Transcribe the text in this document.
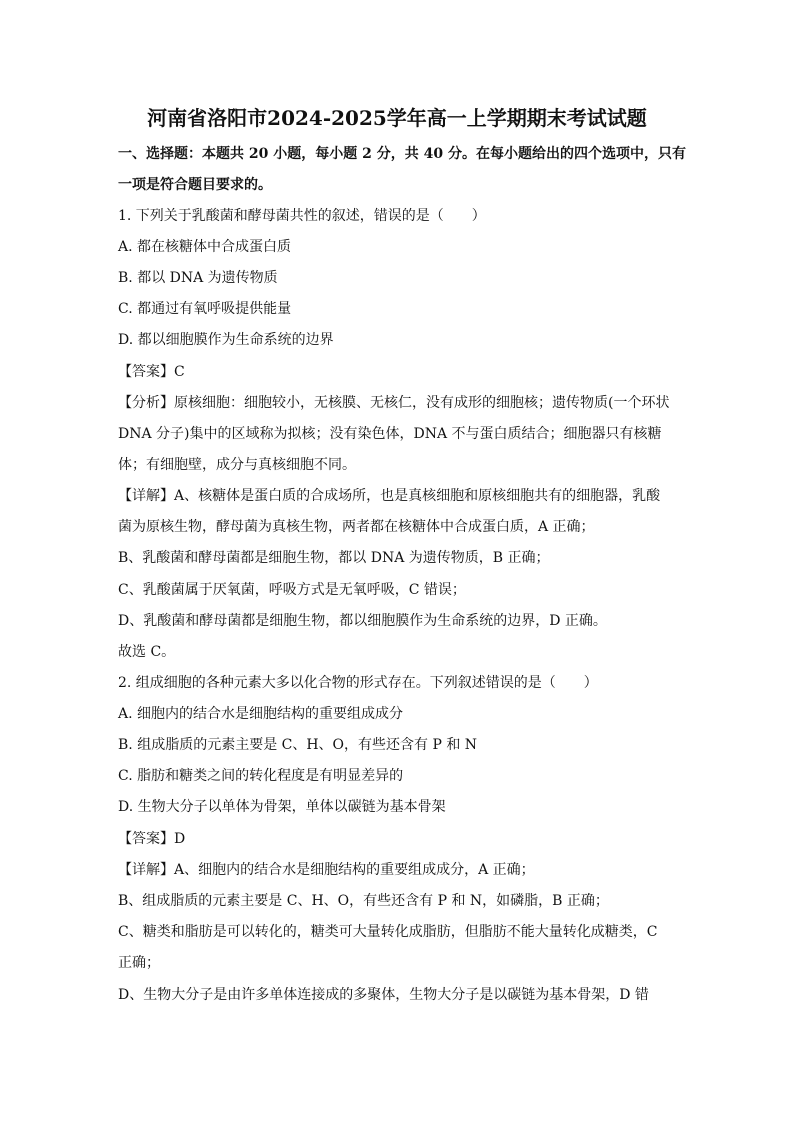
河南省洛阳市2024-2025学年高一上学期期末考试试题
一、选择题：本题共 20 小题，每小题 2 分，共 40 分。在每小题给出的四个选项中，只有
一项是符合题目要求的。
1. 下列关于乳酸菌和酵母菌共性的叙述，错误的是（　　）
A. 都在核糖体中合成蛋白质
B. 都以 DNA 为遗传物质
C. 都通过有氧呼吸提供能量
D. 都以细胞膜作为生命系统的边界
【答案】C
【分析】原核细胞：细胞较小，无核膜、无核仁，没有成形的细胞核；遗传物质(一个环状
DNA 分子)集中的区域称为拟核；没有染色体，DNA 不与蛋白质结合；细胞器只有核糖
体；有细胞壁，成分与真核细胞不同。
【详解】A、核糖体是蛋白质的合成场所，也是真核细胞和原核细胞共有的细胞器，乳酸
菌为原核生物，酵母菌为真核生物，两者都在核糖体中合成蛋白质，A 正确；
B、乳酸菌和酵母菌都是细胞生物，都以 DNA 为遗传物质，B 正确；
C、乳酸菌属于厌氧菌，呼吸方式是无氧呼吸，C 错误；
D、乳酸菌和酵母菌都是细胞生物，都以细胞膜作为生命系统的边界，D 正确。
故选 C。
2. 组成细胞的各种元素大多以化合物的形式存在。下列叙述错误的是（　　）
A. 细胞内的结合水是细胞结构的重要组成成分
B. 组成脂质的元素主要是 C、H、O，有些还含有 P 和 N
C. 脂肪和糖类之间的转化程度是有明显差异的
D. 生物大分子以单体为骨架，单体以碳链为基本骨架
【答案】D
【详解】A、细胞内的结合水是细胞结构的重要组成成分，A 正确；
B、组成脂质的元素主要是 C、H、O，有些还含有 P 和 N，如磷脂，B 正确；
C、糖类和脂肪是可以转化的，糖类可大量转化成脂肪，但脂肪不能大量转化成糖类，C
正确；
D、生物大分子是由许多单体连接成的多聚体，生物大分子是以碳链为基本骨架，D 错
